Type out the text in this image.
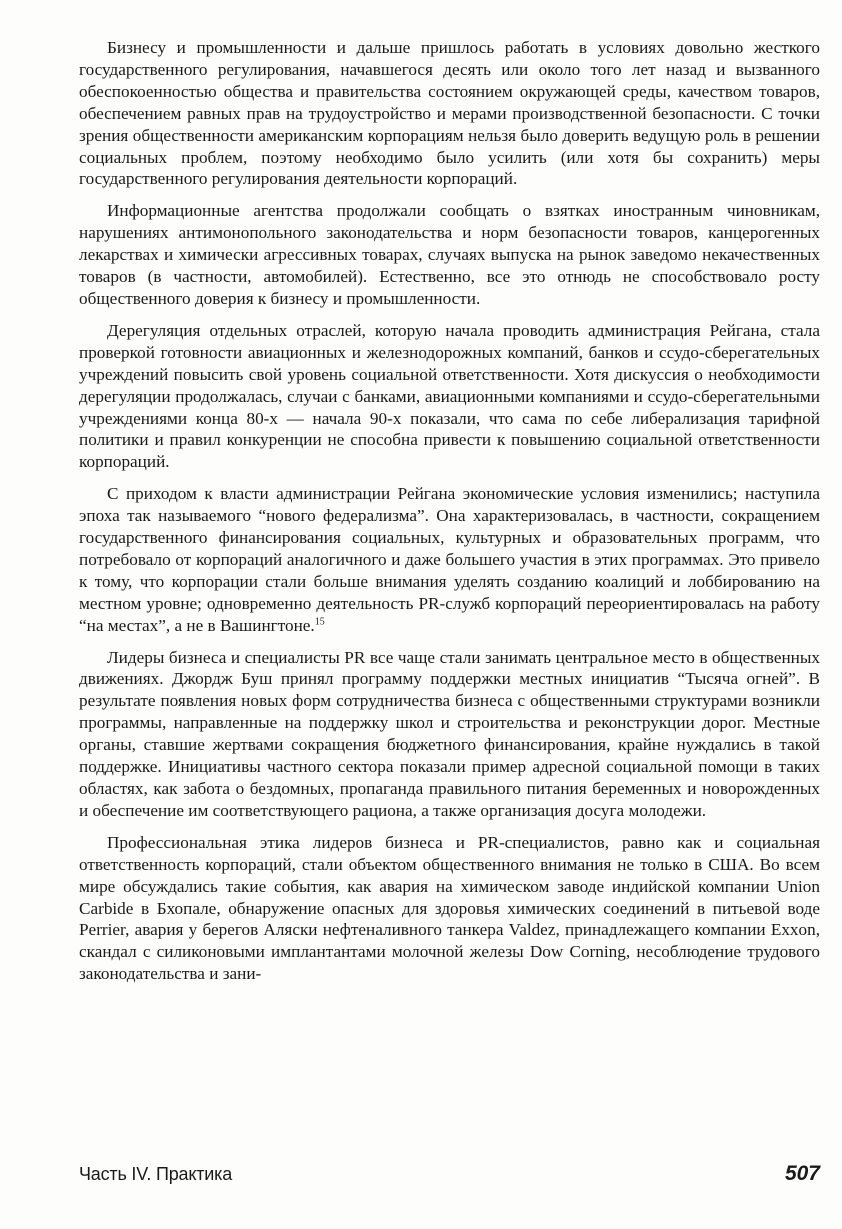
Бизнесу и промышленности и дальше пришлось работать в условиях довольно жесткого государственного регулирования, начавшегося десять или около того лет назад и вызванного обеспокоенностью общества и правительства состоянием окружающей среды, качеством товаров, обеспечением равных прав на трудоустройство и мерами производственной безопасности. С точки зрения общественности американским корпорациям нельзя было доверить ведущую роль в решении социальных проблем, поэтому необходимо было усилить (или хотя бы сохранить) меры государственного регулирования деятельности корпораций.

Информационные агентства продолжали сообщать о взятках иностранным чиновникам, нарушениях антимонопольного законодательства и норм безопасности товаров, канцерогенных лекарствах и химически агрессивных товарах, случаях выпуска на рынок заведомо некачественных товаров (в частности, автомобилей). Естественно, все это отнюдь не способствовало росту общественного доверия к бизнесу и промышленности.

Дерегуляция отдельных отраслей, которую начала проводить администрация Рейгана, стала проверкой готовности авиационных и железнодорожных компаний, банков и ссудо-сберегательных учреждений повысить свой уровень социальной ответственности. Хотя дискуссия о необходимости дерегуляции продолжалась, случаи с банками, авиационными компаниями и ссудо-сберегательными учреждениями конца 80-х — начала 90-х показали, что сама по себе либерализация тарифной политики и правил конкуренции не способна привести к повышению социальной ответственности корпораций.

С приходом к власти администрации Рейгана экономические условия изменились; наступила эпоха так называемого “нового федерализма”. Она характеризовалась, в частности, сокращением государственного финансирования социальных, культурных и образовательных программ, что потребовало от корпораций аналогичного и даже большего участия в этих программах. Это привело к тому, что корпорации стали больше внимания уделять созданию коалиций и лоббированию на местном уровне; одновременно деятельность PR-служб корпораций переориентировалась на работу “на местах”, а не в Вашингтоне.$^{15}$

Лидеры бизнеса и специалисты PR все чаще стали занимать центральное место в общественных движениях. Джордж Буш принял программу поддержки местных инициатив “Тысяча огней”. В результате появления новых форм сотрудничества бизнеса с общественными структурами возникли программы, направленные на поддержку школ и строительства и реконструкции дорог. Местные органы, ставшие жертвами сокращения бюджетного финансирования, крайне нуждались в такой поддержке. Инициативы частного сектора показали пример адресной социальной помощи в таких областях, как забота о бездомных, пропаганда правильного питания беременных и новорожденных и обеспечение им соответствующего рациона, а также организация досуга молодежи.

Профессиональная этика лидеров бизнеса и PR-специалистов, равно как и социальная ответственность корпораций, стали объектом общественного внимания не только в США. Во всем мире обсуждались такие события, как авария на химическом заводе индийской компании Union Carbide в Бхопале, обнаружение опасных для здоровья химических соединений в питьевой воде Perrier, авария у берегов Аляски нефтеналивного танкера Valdez, принадлежащего компании Exxon, скандал с силиконовыми имплантантами молочной железы Dow Corning, несоблюдение трудового законодательства и зани-

Часть IV. Практика	507
